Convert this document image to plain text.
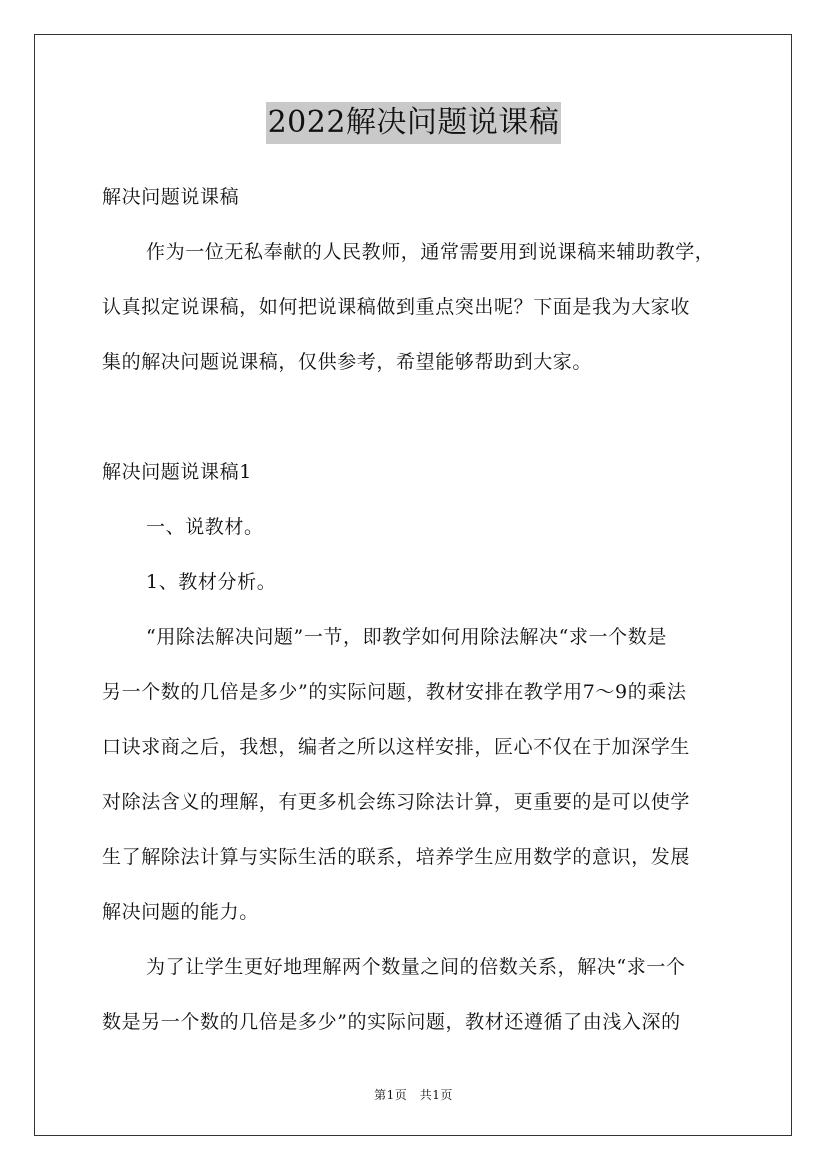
2022解决问题说课稿
解决问题说课稿
作为一位无私奉献的人民教师，通常需要用到说课稿来辅助教学，
认真拟定说课稿，如何把说课稿做到重点突出呢？下面是我为大家收
集的解决问题说课稿，仅供参考，希望能够帮助到大家。
解决问题说课稿1
一、说教材。
1、教材分析。
“用除法解决问题”一节，即教学如何用除法解决“求一个数是
另一个数的几倍是多少”的实际问题，教材安排在教学用7～9的乘法
口诀求商之后，我想，编者之所以这样安排，匠心不仅在于加深学生
对除法含义的理解，有更多机会练习除法计算，更重要的是可以使学
生了解除法计算与实际生活的联系，培养学生应用数学的意识，发展
解决问题的能力。
为了让学生更好地理解两个数量之间的倍数关系，解决“求一个
数是另一个数的几倍是多少”的实际问题，教材还遵循了由浅入深的
第1页　共1页
